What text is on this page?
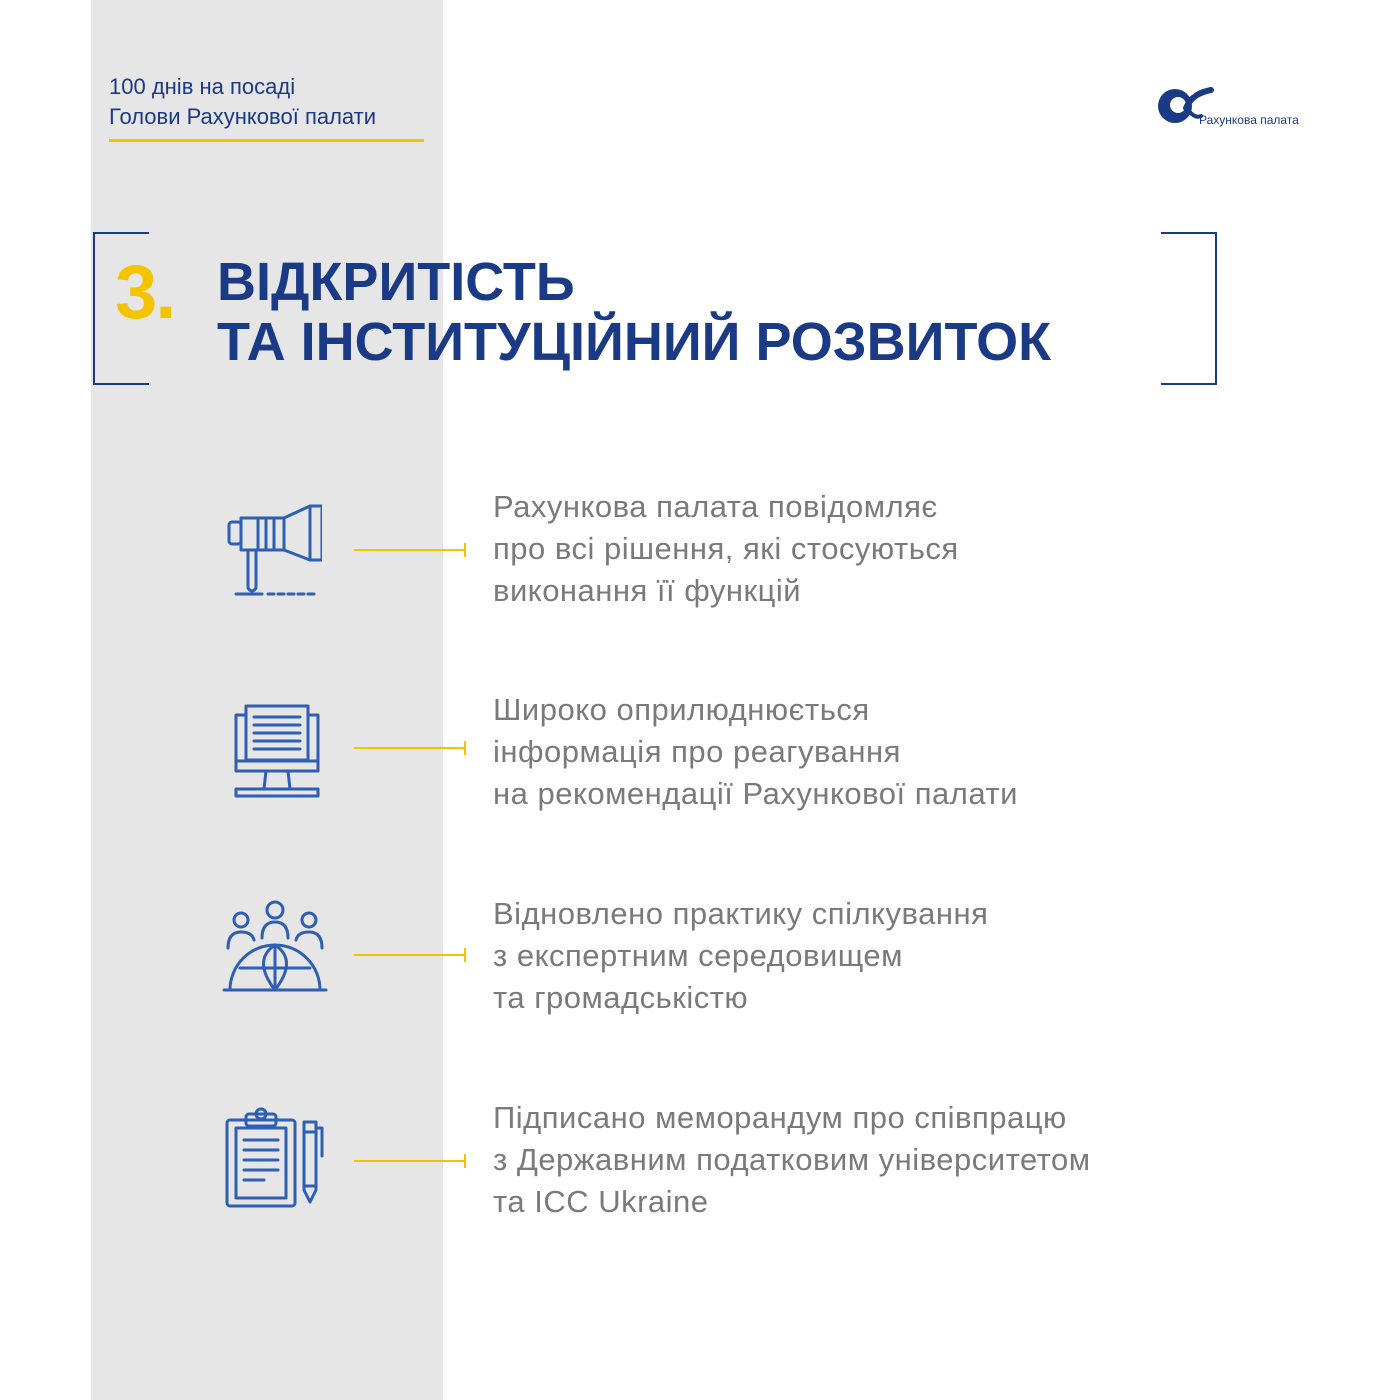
100 днів на посаді
Голови Рахункової палати	Рахункова палата
3. ВІДКРИТІСТЬ
ТА ІНСТИТУЦІЙНИЙ РОЗВИТОК
Рахункова палата повідомляє
про всі рішення, які стосуються
виконання її функцій
Широко оприлюднюється
інформація про реагування
на рекомендації Рахункової палати
Відновлено практику спілкування
з експертним середовищем
та громадськістю
Підписано меморандум про співпрацю
з Державним податковим університетом
та ICC Ukraine
